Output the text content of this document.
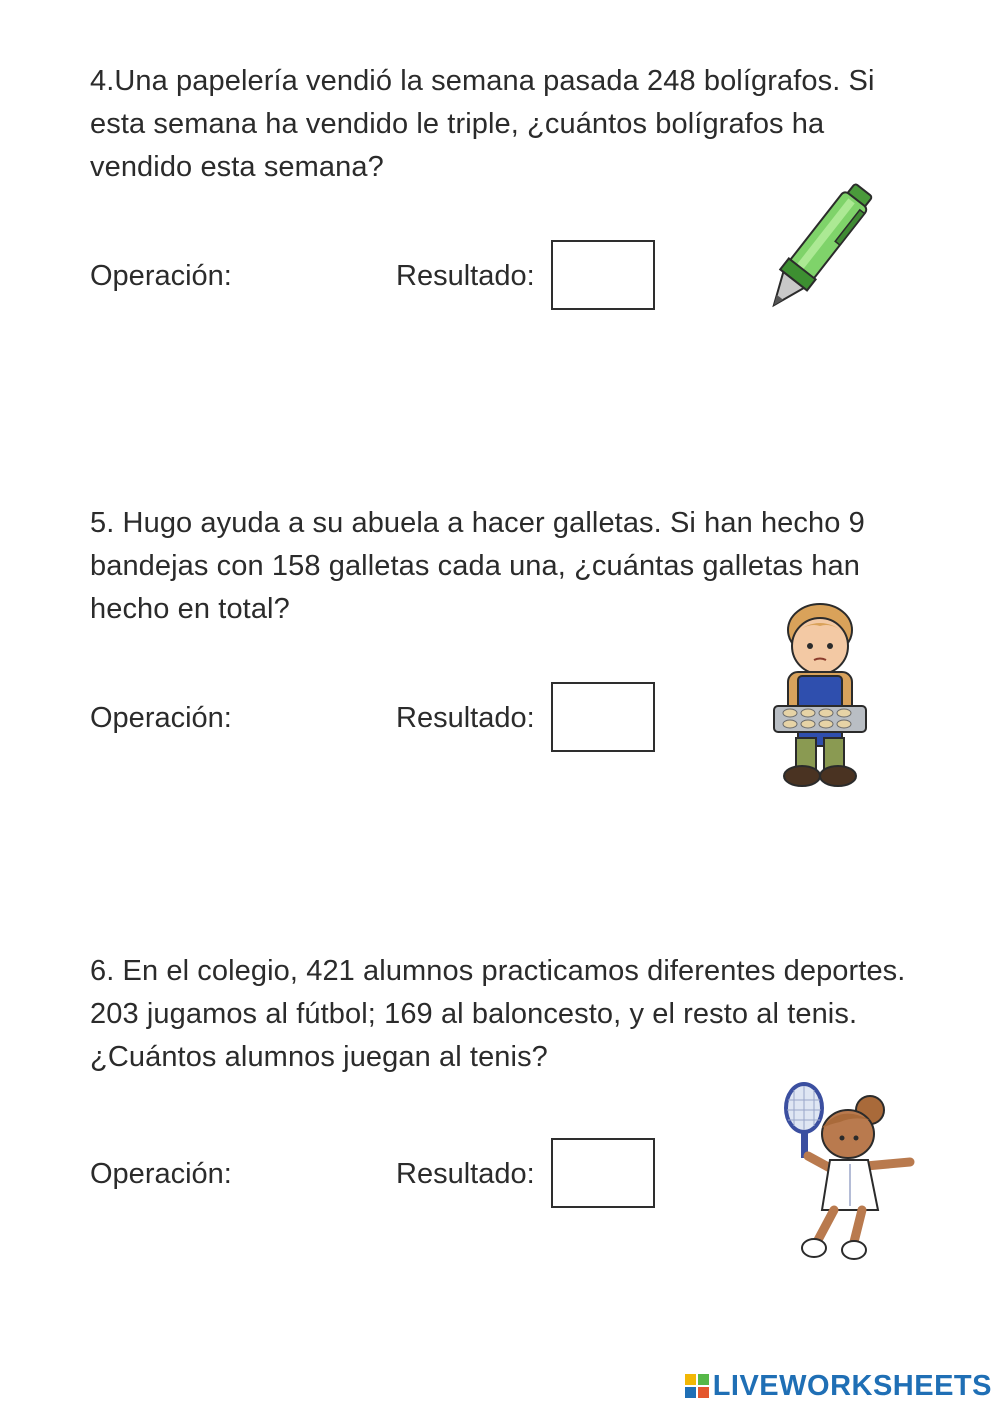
4.Una papelería vendió la semana pasada 248 bolígrafos. Si esta semana ha vendido le triple, ¿cuántos bolígrafos ha vendido esta semana?

Operación:	Resultado:

5. Hugo ayuda a su abuela a hacer galletas. Si han hecho 9 bandejas con 158 galletas cada una, ¿cuántas galletas han hecho en total?

Operación:	Resultado:

6. En el colegio, 421 alumnos practicamos diferentes deportes. 203 jugamos al fútbol; 169 al baloncesto, y el resto al tenis. ¿Cuántos alumnos juegan al tenis?

Operación:	Resultado:
LIVEWORKSHEETS
